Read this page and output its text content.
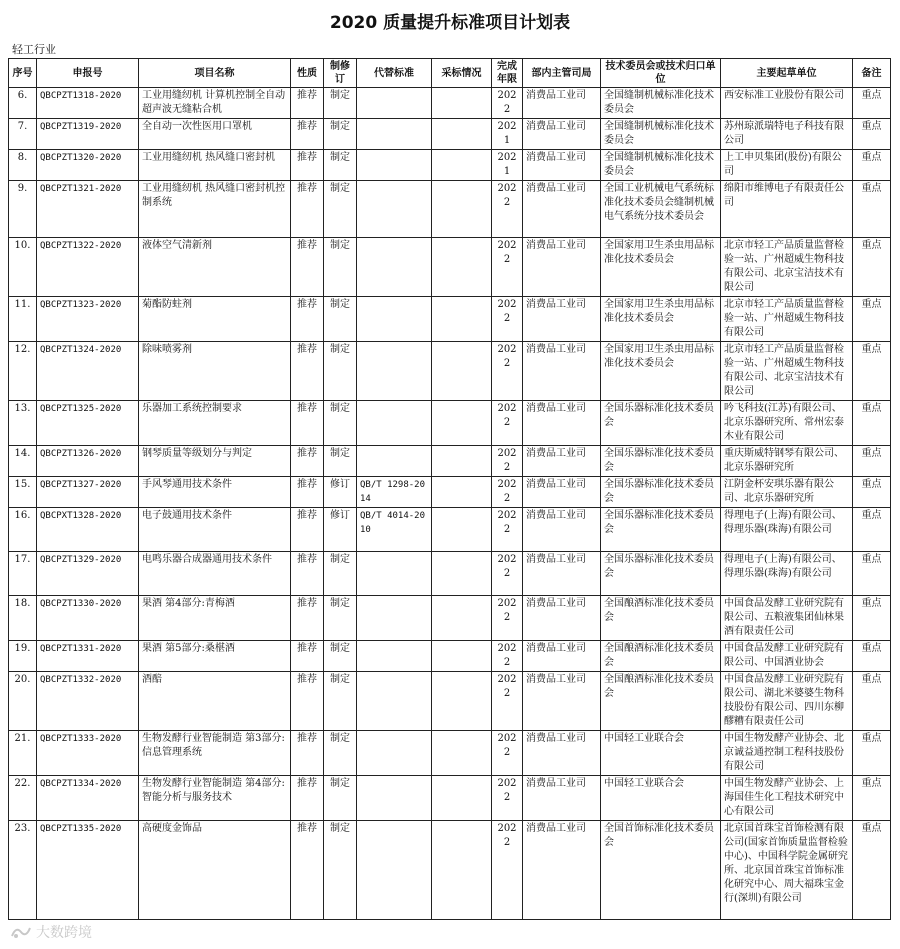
2020 质量提升标准项目计划表
轻工行业
序号	申报号	项目名称	性质	制修订	代替标准	采标情况	完成年限	部内主管司局	技术委员会或技术归口单位	主要起草单位	备注
6.	QBCPZT1318-2020	工业用缝纫机 计算机控制全自动超声波无缝粘合机	推荐	制定			2022	消费品工业司	全国缝制机械标准化技术委员会	西安标准工业股份有限公司	重点
7.	QBCPZT1319-2020	全自动一次性医用口罩机	推荐	制定			2021	消费品工业司	全国缝制机械标准化技术委员会	苏州琼派瑞特电子科技有限公司	重点
8.	QBCPZT1320-2020	工业用缝纫机 热风缝口密封机	推荐	制定			2021	消费品工业司	全国缝制机械标准化技术委员会	上工申贝集团(股份)有限公司	重点
9.	QBCPZT1321-2020	工业用缝纫机 热风缝口密封机控制系统	推荐	制定			2022	消费品工业司	全国工业机械电气系统标准化技术委员会缝制机械电气系统分技术委员会	绵阳市维博电子有限责任公司	重点
10.	QBCPZT1322-2020	液体空气清新剂	推荐	制定			2022	消费品工业司	全国家用卫生杀虫用品标准化技术委员会	北京市轻工产品质量监督检验一站、广州超威生物科技有限公司、北京宝洁技术有限公司	重点
11.	QBCPZT1323-2020	菊酯防蛀剂	推荐	制定			2022	消费品工业司	全国家用卫生杀虫用品标准化技术委员会	北京市轻工产品质量监督检验一站、广州超威生物科技有限公司	重点
12.	QBCPZT1324-2020	除味喷雾剂	推荐	制定			2022	消费品工业司	全国家用卫生杀虫用品标准化技术委员会	北京市轻工产品质量监督检验一站、广州超威生物科技有限公司、北京宝洁技术有限公司	重点
13.	QBCPZT1325-2020	乐器加工系统控制要求	推荐	制定			2022	消费品工业司	全国乐器标准化技术委员会	吟飞科技(江苏)有限公司、北京乐器研究所、常州宏泰木业有限公司	重点
14.	QBCPZT1326-2020	钢琴质量等级划分与判定	推荐	制定			2022	消费品工业司	全国乐器标准化技术委员会	重庆斯威特钢琴有限公司、北京乐器研究所	重点
15.	QBCPZT1327-2020	手风琴通用技术条件	推荐	修订	QB/T 1298-2014		2022	消费品工业司	全国乐器标准化技术委员会	江阴金杯安琪乐器有限公司、北京乐器研究所	重点
16.	QBCPXT1328-2020	电子鼓通用技术条件	推荐	修订	QB/T 4014-2010		2022	消费品工业司	全国乐器标准化技术委员会	得理电子(上海)有限公司、得理乐器(珠海)有限公司	重点
17.	QBCPZT1329-2020	电鸣乐器合成器通用技术条件	推荐	制定			2022	消费品工业司	全国乐器标准化技术委员会	得理电子(上海)有限公司、得理乐器(珠海)有限公司	重点
18.	QBCPZT1330-2020	果酒 第4部分:青梅酒	推荐	制定			2022	消费品工业司	全国酿酒标准化技术委员会	中国食品发酵工业研究院有限公司、五粮液集团仙林果酒有限责任公司	重点
19.	QBCPZT1331-2020	果酒 第5部分:桑椹酒	推荐	制定			2022	消费品工业司	全国酿酒标准化技术委员会	中国食品发酵工业研究院有限公司、中国酒业协会	重点
20.	QBCPZT1332-2020	酒醅	推荐	制定			2022	消费品工业司	全国酿酒标准化技术委员会	中国食品发酵工业研究院有限公司、湖北米婆婆生物科技股份有限公司、四川东柳醪糟有限责任公司	重点
21.	QBCPZT1333-2020	生物发酵行业智能制造 第3部分:信息管理系统	推荐	制定			2022	消费品工业司	中国轻工业联合会	中国生物发酵产业协会、北京诚益通控制工程科技股份有限公司	重点
22.	QBCPZT1334-2020	生物发酵行业智能制造 第4部分:智能分析与服务技术	推荐	制定			2022	消费品工业司	中国轻工业联合会	中国生物发酵产业协会、上海国佳生化工程技术研究中心有限公司	重点
23.	QBCPZT1335-2020	高硬度金饰品	推荐	制定			2022	消费品工业司	全国首饰标准化技术委员会	北京国首珠宝首饰检测有限公司(国家首饰质量监督检验中心)、中国科学院金属研究所、北京国首珠宝首饰标准化研究中心、周大福珠宝金行(深圳)有限公司	重点
大数跨境
